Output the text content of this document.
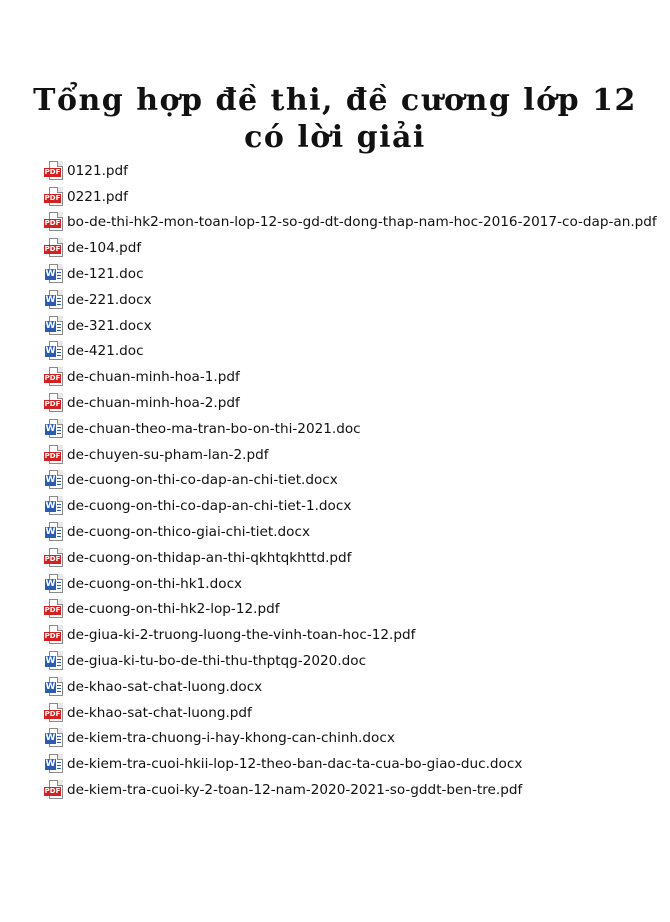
Tổng hợp đề thi, đề cương lớp 12
có lời giải
PDF 0121.pdf
PDF 0221.pdf
PDF bo-de-thi-hk2-mon-toan-lop-12-so-gd-dt-dong-thap-nam-hoc-2016-2017-co-dap-an.pdf
PDF de-104.pdf
W de-121.doc
W de-221.docx
W de-321.docx
W de-421.doc
PDF de-chuan-minh-hoa-1.pdf
PDF de-chuan-minh-hoa-2.pdf
W de-chuan-theo-ma-tran-bo-on-thi-2021.doc
PDF de-chuyen-su-pham-lan-2.pdf
W de-cuong-on-thi-co-dap-an-chi-tiet.docx
W de-cuong-on-thi-co-dap-an-chi-tiet-1.docx
W de-cuong-on-thico-giai-chi-tiet.docx
PDF de-cuong-on-thidap-an-thi-qkhtqkhttd.pdf
W de-cuong-on-thi-hk1.docx
PDF de-cuong-on-thi-hk2-lop-12.pdf
PDF de-giua-ki-2-truong-luong-the-vinh-toan-hoc-12.pdf
W de-giua-ki-tu-bo-de-thi-thu-thptqg-2020.doc
W de-khao-sat-chat-luong.docx
PDF de-khao-sat-chat-luong.pdf
W de-kiem-tra-chuong-i-hay-khong-can-chinh.docx
W de-kiem-tra-cuoi-hkii-lop-12-theo-ban-dac-ta-cua-bo-giao-duc.docx
PDF de-kiem-tra-cuoi-ky-2-toan-12-nam-2020-2021-so-gddt-ben-tre.pdf
